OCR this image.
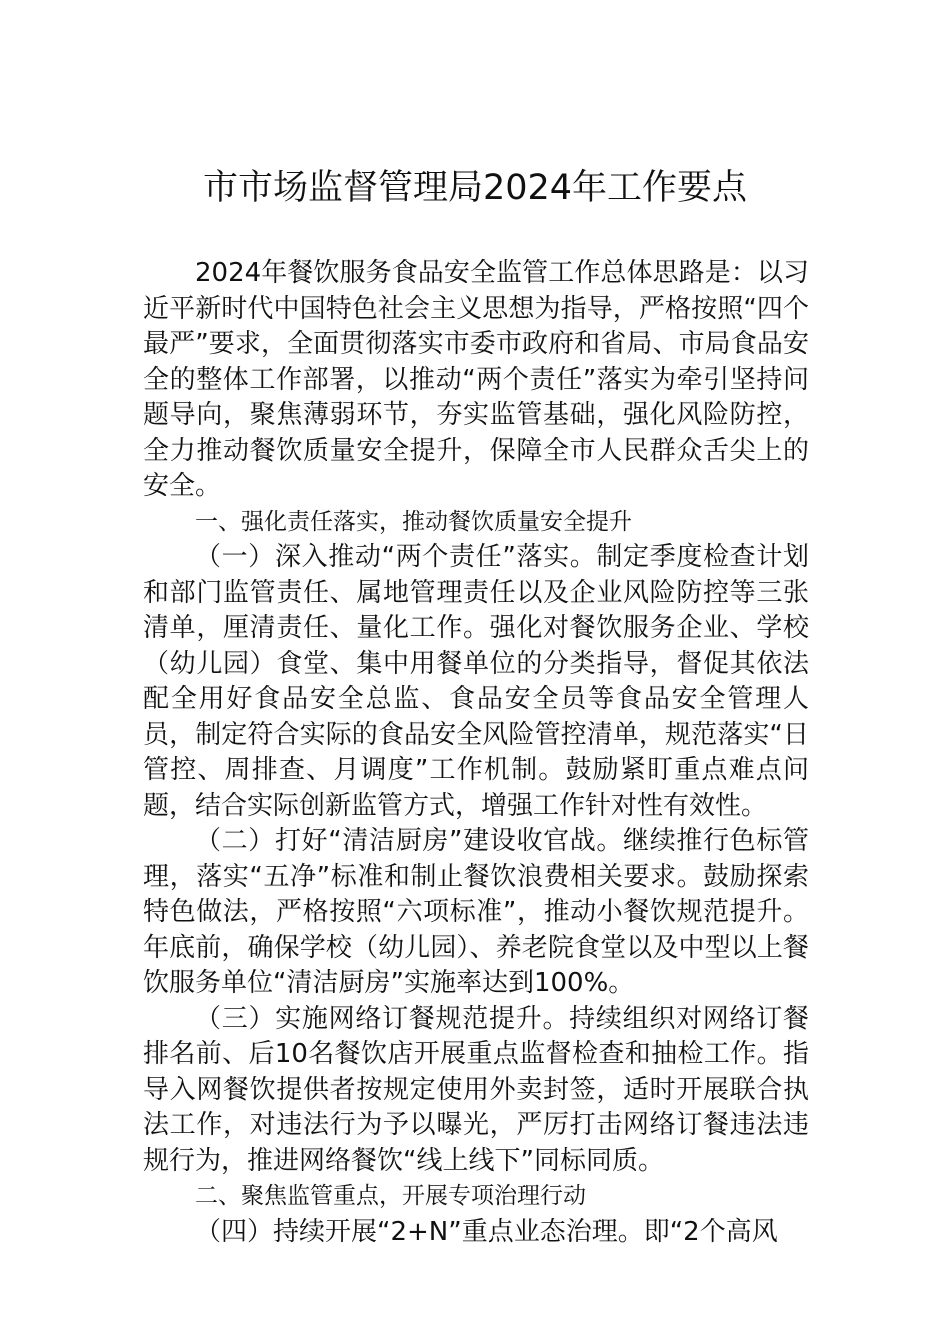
市市场监督管理局2024年工作要点

2024年餐饮服务食品安全监管工作总体思路是：以习近平新时代中国特色社会主义思想为指导，严格按照“四个最严”要求，全面贯彻落实市委市政府和省局、市局食品安全的整体工作部署，以推动“两个责任”落实为牵引坚持问题导向，聚焦薄弱环节，夯实监管基础，强化风险防控，全力推动餐饮质量安全提升，保障全市人民群众舌尖上的安全。

一、强化责任落实，推动餐饮质量安全提升

（一）深入推动“两个责任”落实。制定季度检查计划和部门监管责任、属地管理责任以及企业风险防控等三张清单，厘清责任、量化工作。强化对餐饮服务企业、学校（幼儿园）食堂、集中用餐单位的分类指导，督促其依法配全用好食品安全总监、食品安全员等食品安全管理人员，制定符合实际的食品安全风险管控清单，规范落实“日管控、周排查、月调度”工作机制。鼓励紧盯重点难点问题，结合实际创新监管方式，增强工作针对性有效性。

（二）打好“清洁厨房”建设收官战。继续推行色标管理，落实“五净”标准和制止餐饮浪费相关要求。鼓励探索特色做法，严格按照“六项标准”，推动小餐饮规范提升。年底前，确保学校（幼儿园）、养老院食堂以及中型以上餐饮服务单位“清洁厨房”实施率达到100%。

（三）实施网络订餐规范提升。持续组织对网络订餐排名前、后10名餐饮店开展重点监督检查和抽检工作。指导入网餐饮提供者按规定使用外卖封签，适时开展联合执法工作，对违法行为予以曝光，严厉打击网络订餐违法违规行为，推进网络餐饮“线上线下”同标同质。

二、聚焦监管重点，开展专项治理行动

（四）持续开展“2+N”重点业态治理。即“2个高风
